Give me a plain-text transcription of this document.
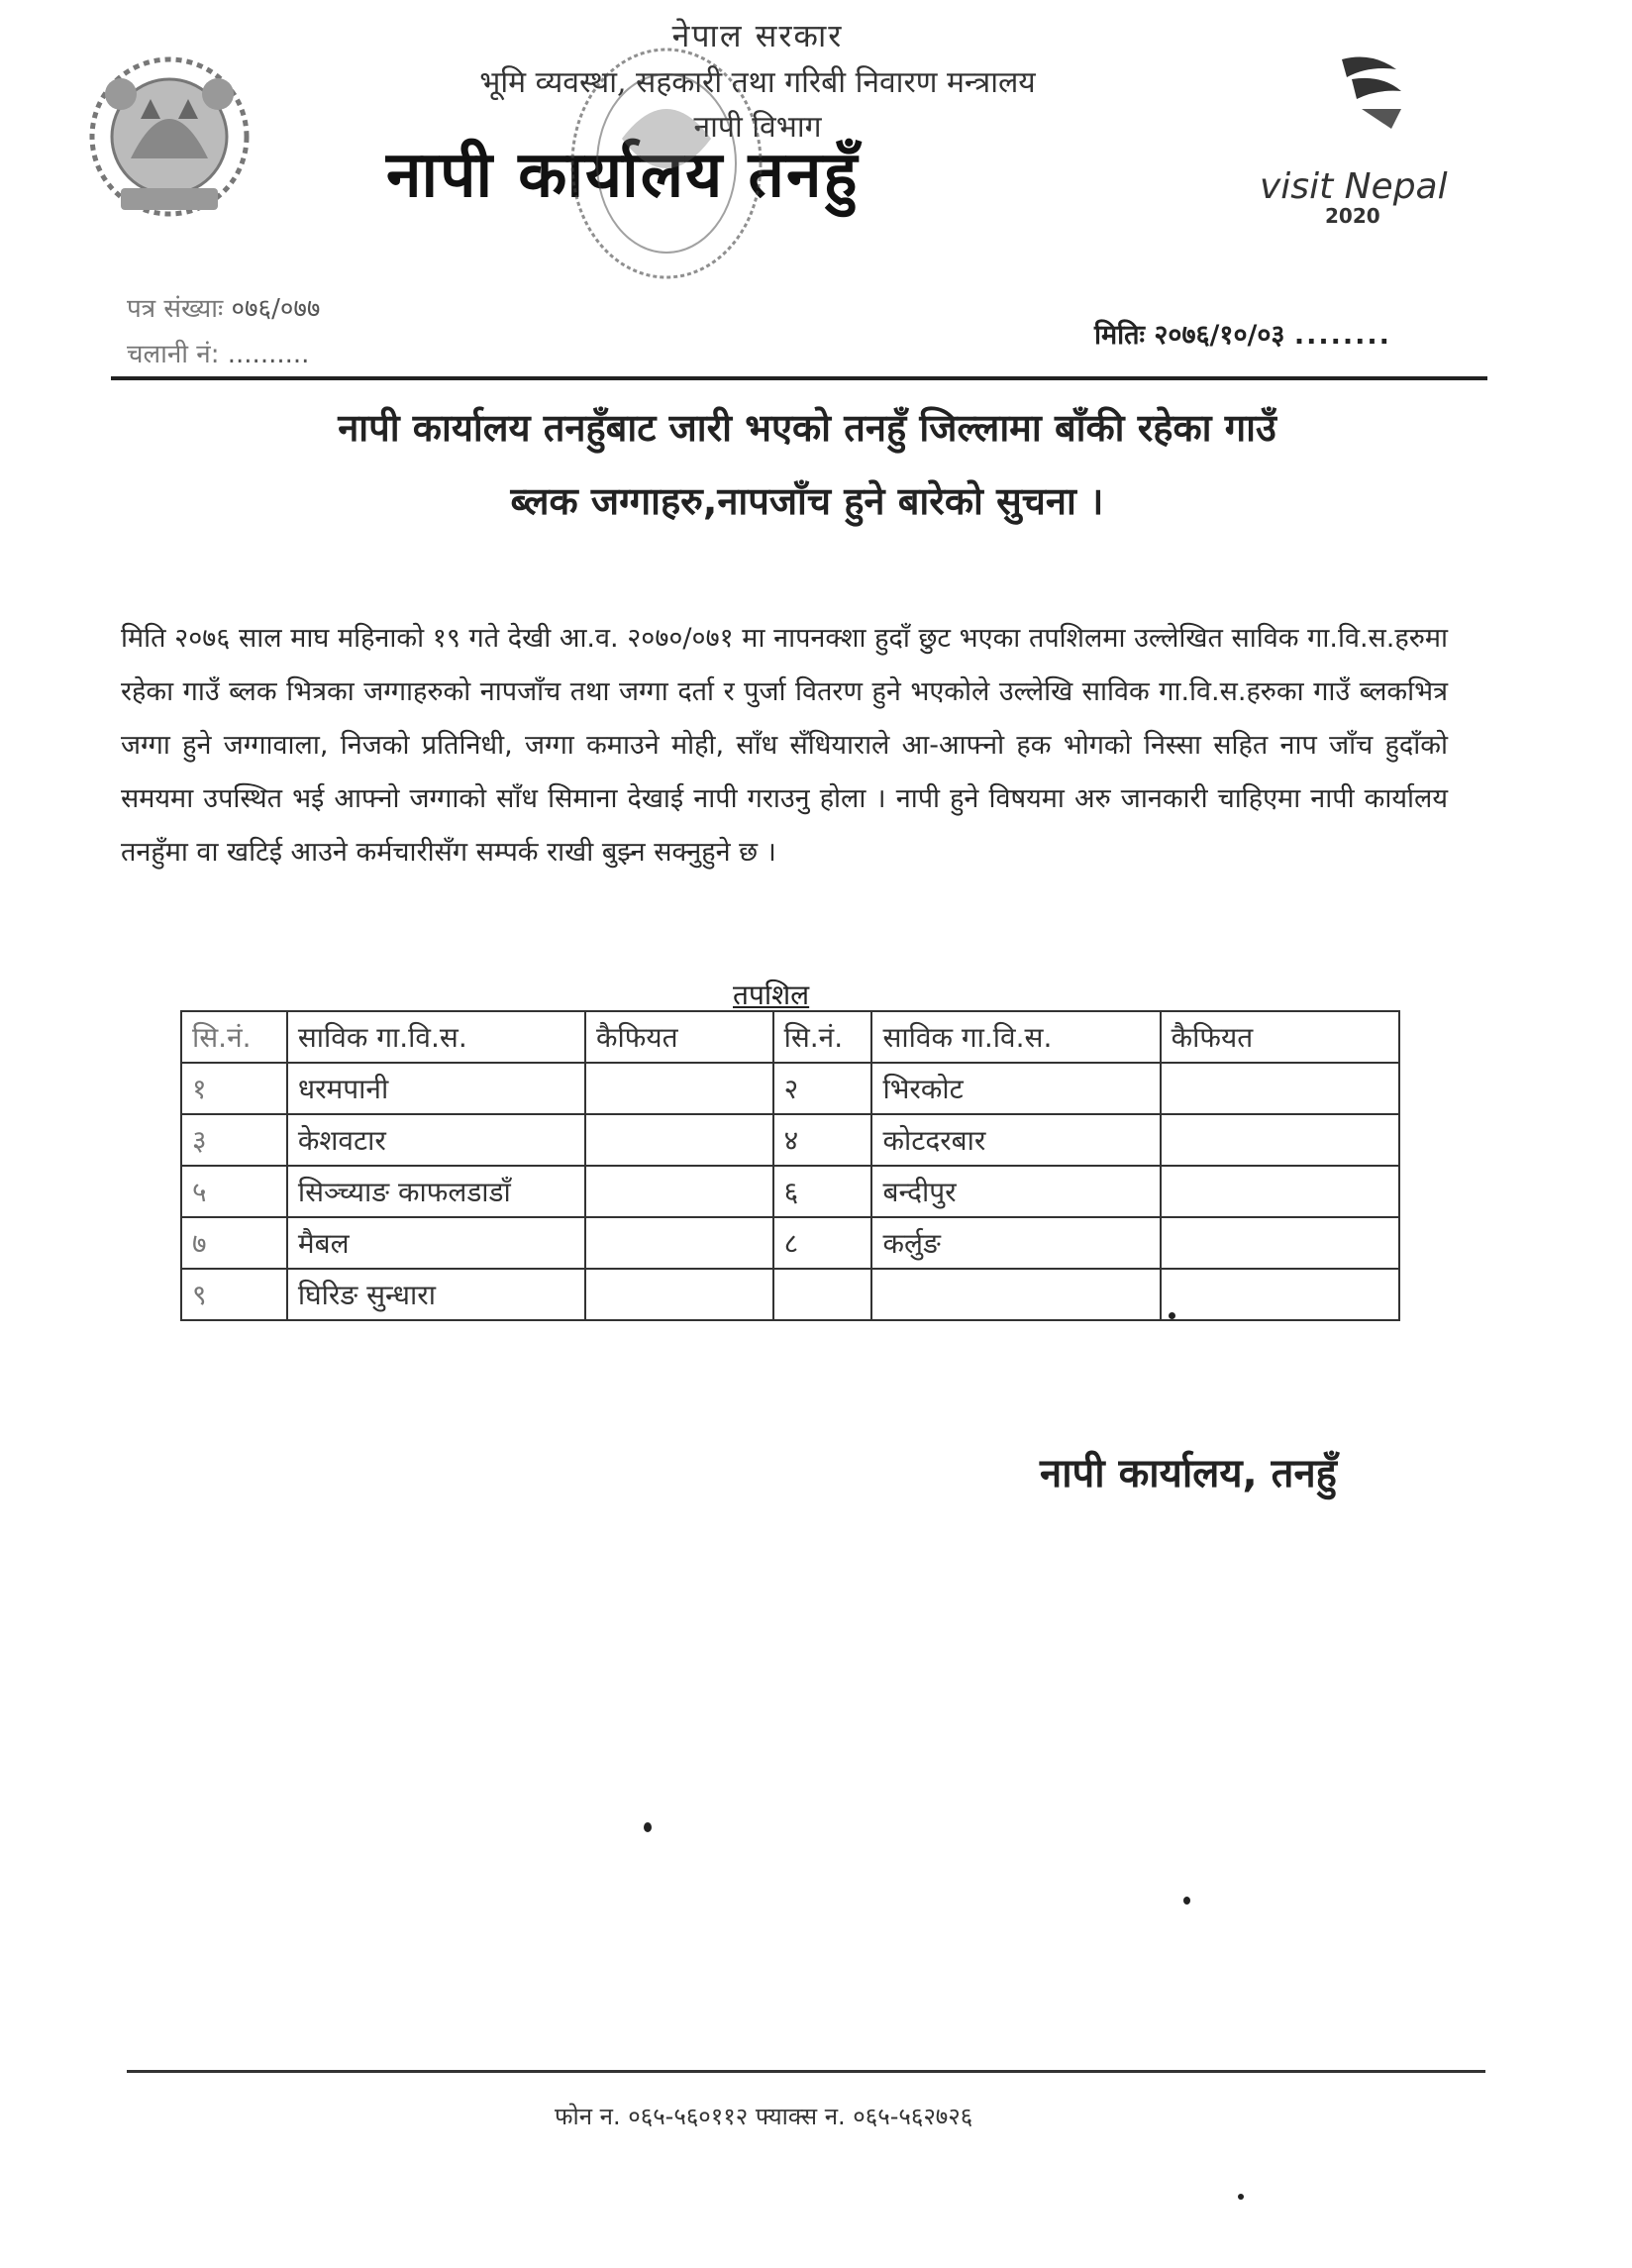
नेपाल सरकार
भूमि व्यवस्था, सहकारी तथा गरिबी निवारण मन्त्रालय
नापी विभाग
नापी कार्यालय तनहुँ	visit Nepal
2020
पत्र संख्याः ०७६/०७७
चलानी नं: ..........
मितिः २०७६/१०/०३ ........
नापी कार्यालय तनहुँबाट जारी भएको तनहुँ जिल्लामा बाँकी रहेका गाउँ
ब्लक जग्गाहरु,नापजाँच हुने बारेको सुचना ।
मिति २०७६ साल माघ महिनाको १९ गते देखी आ.व. २०७०/०७१ मा नापनक्शा हुदाँ छुट भएका तपशिलमा उल्लेखित साविक गा.वि.स.हरुमा रहेका गाउँ ब्लक भित्रका जग्गाहरुको नापजाँच तथा जग्गा दर्ता र पुर्जा वितरण हुने भएकोले उल्लेखि साविक गा.वि.स.हरुका गाउँ ब्लकभित्र जग्गा हुने जग्गावाला, निजको प्रतिनिधी, जग्गा कमाउने मोही, साँध सँधियाराले आ-आफ्नो हक भोगको निस्सा सहित नाप जाँच हुदाँको समयमा उपस्थित भई आफ्नो जग्गाको साँध सिमाना देखाई नापी गराउनु होला । नापी हुने विषयमा अरु जानकारी चाहिएमा नापी कार्यालय तनहुँमा वा खटिई आउने कर्मचारीसँग सम्पर्क राखी बुझ्न सक्नुहुने छ ।
तपशिल
सि.नं.	साविक गा.वि.स.	कैफियत	सि.नं.	साविक गा.वि.स.	कैफियत
१	धरमपानी		२	भिरकोट	
३	केशवटार		४	कोटदरबार	
५	सिञ्च्याङ काफलडाडाँ		६	बन्दीपुर	
७	मैबल		८	कर्लुङ	
९	घिरिङ सुन्धारा				
नापी कार्यालय, तनहुँ
फोन न. ०६५-५६०११२ फ्याक्स न. ०६५-५६२७२६
